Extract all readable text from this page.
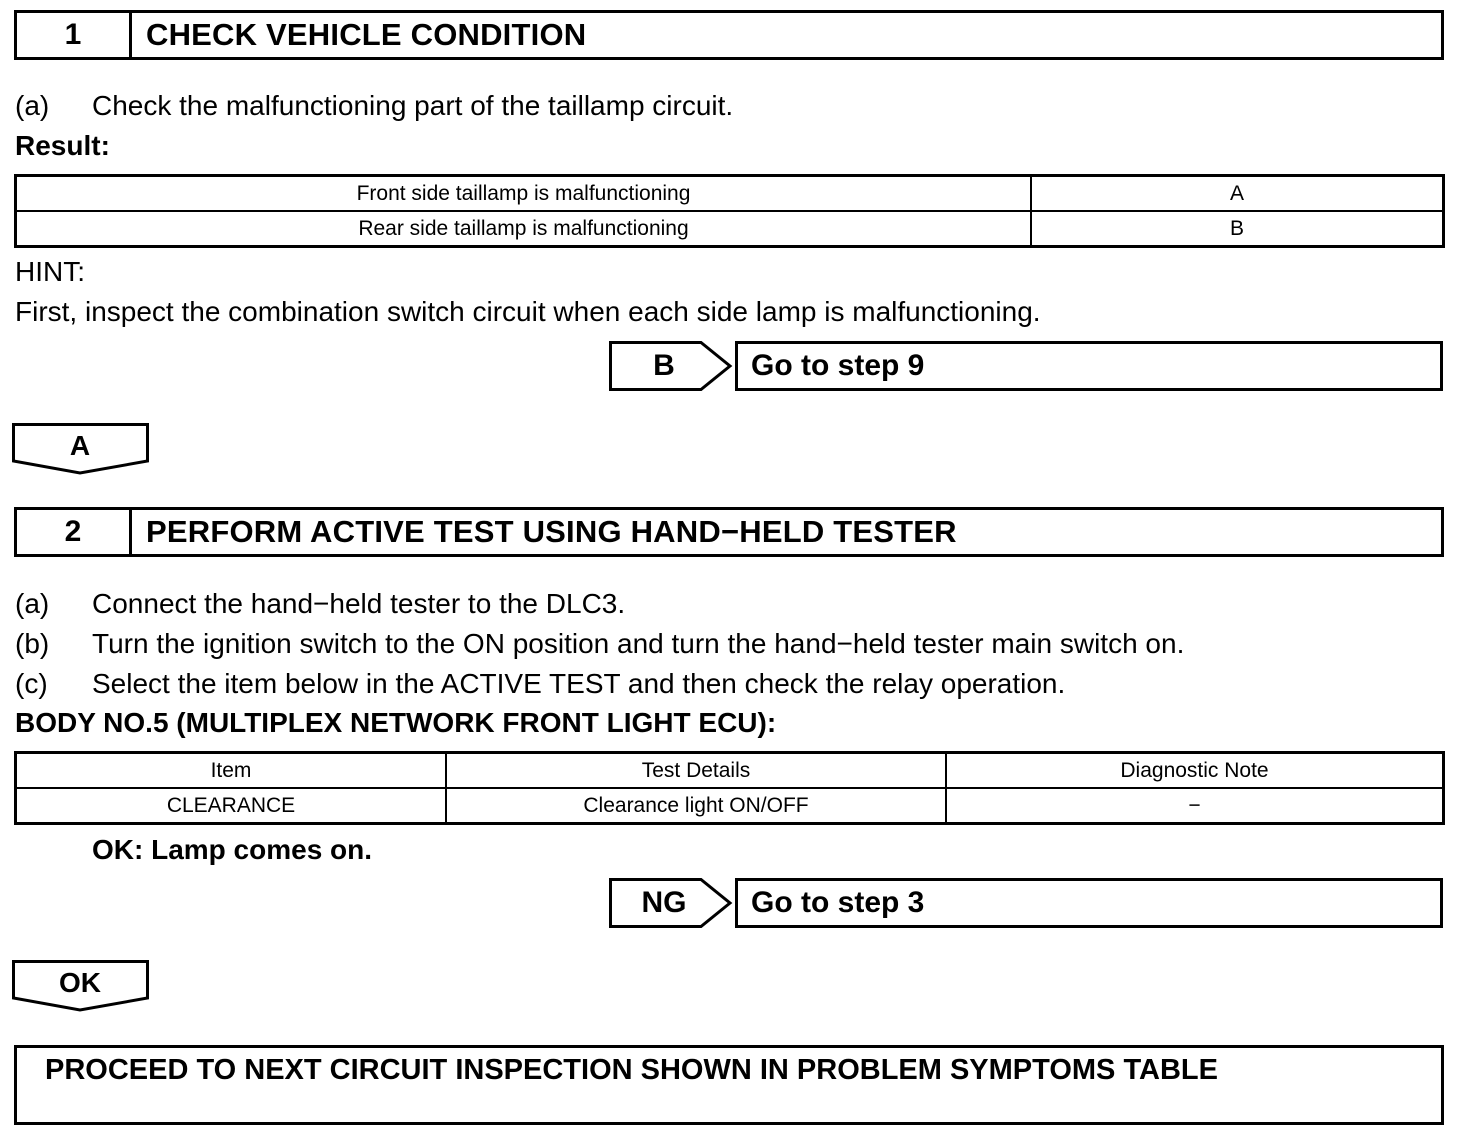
1	CHECK VEHICLE CONDITION
(a) Check the malfunctioning part of the taillamp circuit.
Result:
Front side taillamp is malfunctioning	A
Rear side taillamp is malfunctioning	B
HINT:
First, inspect the combination switch circuit when each side lamp is malfunctioning.
B	Go to step 9
A
2	PERFORM ACTIVE TEST USING HAND−HELD TESTER
(a) Connect the hand−held tester to the DLC3.
(b) Turn the ignition switch to the ON position and turn the hand−held tester main switch on.
(c) Select the item below in the ACTIVE TEST and then check the relay operation.
BODY NO.5 (MULTIPLEX NETWORK FRONT LIGHT ECU):
Item	Test Details	Diagnostic Note
CLEARANCE	Clearance light ON/OFF	−
OK: Lamp comes on.
NG	Go to step 3
OK
PROCEED TO NEXT CIRCUIT INSPECTION SHOWN IN PROBLEM SYMPTOMS TABLE
